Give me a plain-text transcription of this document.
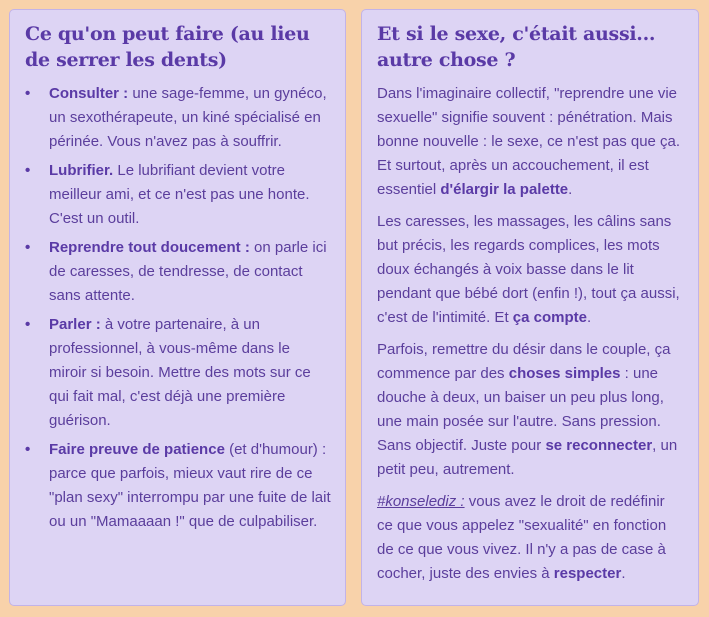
Ce qu'on peut faire (au lieu de serrer les dents)
•	Consulter : une sage-femme, un gynéco, un sexothérapeute, un kiné spécialisé en périnée. Vous n'avez pas à souffrir.
•	Lubrifier. Le lubrifiant devient votre meilleur ami, et ce n'est pas une honte. C'est un outil.
•	Reprendre tout doucement : on parle ici de caresses, de tendresse, de contact sans attente.
•	Parler : à votre partenaire, à un professionnel, à vous-même dans le miroir si besoin. Mettre des mots sur ce qui fait mal, c'est déjà une première guérison.
•	Faire preuve de patience (et d'humour) : parce que parfois, mieux vaut rire de ce "plan sexy" interrompu par une fuite de lait ou un "Mamaaaan !" que de culpabiliser.
Et si le sexe, c'était aussi... autre chose ?

Dans l'imaginaire collectif, "reprendre une vie sexuelle" signifie souvent : pénétration. Mais bonne nouvelle : le sexe, ce n'est pas que ça. Et surtout, après un accouchement, il est essentiel d'élargir la palette.

Les caresses, les massages, les câlins sans but précis, les regards complices, les mots doux échangés à voix basse dans le lit pendant que bébé dort (enfin !), tout ça aussi, c'est de l'intimité. Et ça compte.

Parfois, remettre du désir dans le couple, ça commence par des choses simples : une douche à deux, un baiser un peu plus long, une main posée sur l'autre. Sans pression. Sans objectif. Juste pour se reconnecter, un petit peu, autrement.

#konselediz : vous avez le droit de redéfinir ce que vous appelez "sexualité" en fonction de ce que vous vivez. Il n'y a pas de case à cocher, juste des envies à respecter.
